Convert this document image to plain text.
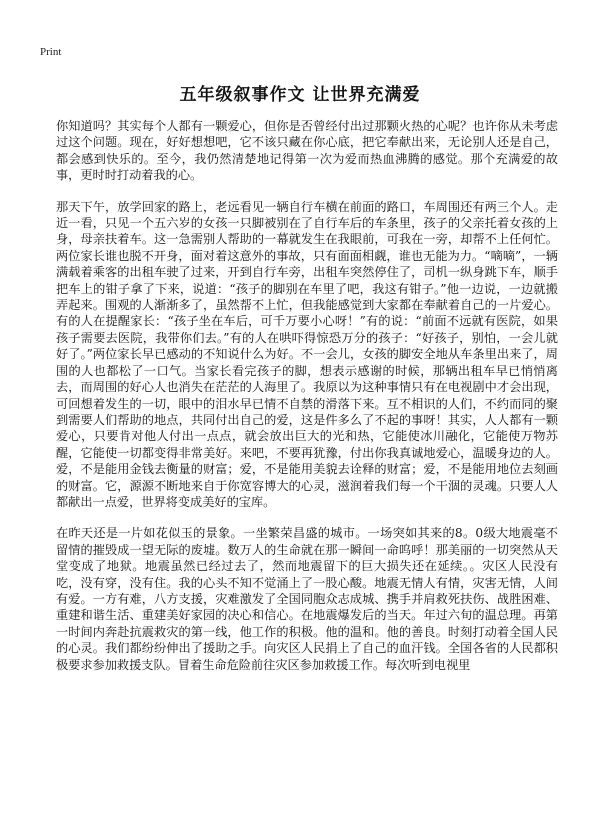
Print
五年级叙事作文 让世界充满爱

你知道吗？其实每个人都有一颗爱心，但你是否曾经付出过那颗火热的心呢？也许你从未考虑过这个问题。现在，好好想想吧，它不该只藏在你心底，把它奉献出来，无论别人还是自己，都会感到快乐的。至今，我仍然清楚地记得第一次为爱而热血沸腾的感觉。那个充满爱的故事，更时时打动着我的心。

那天下午，放学回家的路上，老远看见一辆自行车横在前面的路口，车周围还有两三个人。走近一看，只见一个五六岁的女孩一只脚被别在了自行车后的车条里，孩子的父亲托着女孩的上身，母亲扶着车。这一急需别人帮助的一幕就发生在我眼前，可我在一旁，却帮不上任何忙。两位家长谁也脱不开身，面对着这意外的事故，只有面面相觑，谁也无能为力。“嘀嘀”，一辆满载着乘客的出租车驶了过来，开到自行车旁，出租车突然停住了，司机一纵身跳下车，顺手把车上的钳子拿了下来，说道：“孩子的脚别在车里了吧，我这有钳子。”他一边说，一边就搬弄起来。围观的人渐渐多了，虽然帮不上忙，但我能感觉到大家都在奉献着自己的一片爱心。有的人在提醒家长：“孩子坐在车后，可千万要小心呀！”有的说：“前面不远就有医院，如果孩子需要去医院，我带你们去。”有的人在哄吓得惊恐万分的孩子：“好孩子，别怕，一会儿就好了。”两位家长早已感动的不知说什么为好。不一会儿，女孩的脚安全地从车条里出来了，周围的人也都松了一口气。当家长看完孩子的脚，想表示感谢的时候，那辆出租车早已悄悄离去，而周围的好心人也消失在茫茫的人海里了。我原以为这种事情只有在电视剧中才会出现，可回想着发生的一切，眼中的泪水早已情不自禁的滑落下来。互不相识的人们，不约而同的聚到需要人们帮助的地点，共同付出自己的爱，这是件多么了不起的事呀！其实，人人都有一颗爱心，只要肯对他人付出一点点，就会放出巨大的光和热，它能使冰川融化，它能使万物苏醒，它能使一切都变得非常美好。来吧，不要再犹豫，付出你我真诚地爱心，温暖身边的人。爱，不是能用金钱去衡量的财富；爱，不是能用美貌去诠释的财富；爱，不是能用地位去刻画的财富。它，源源不断地来自于你宽容博大的心灵，滋润着我们每一个干涸的灵魂。只要人人都献出一点爱，世界将变成美好的宝库。

在昨天还是一片如花似玉的景象。一坐繁荣昌盛的城市。一场突如其来的8。0级大地震毫不留情的摧毁成一望无际的废墟。数万人的生命就在那一瞬间一命呜呼！那美丽的一切突然从天堂变成了地狱。地震虽然已经过去了，然而地震留下的巨大损失还在延续。。灾区人民没有吃，没有穿，没有住。我的心头不知不觉涌上了一股心酸。地震无情人有情，灾害无情，人间有爱。一方有难，八方支援，灾难激发了全国同胞众志成城、携手并肩救死扶伤、战胜困难、重建和谐生活、重建美好家园的决心和信心。在地震爆发后的当天。年过六旬的温总理。再第一时间内奔赴抗震救灾的第一线，他工作的积极。他的温和。他的善良。时刻打动着全国人民的心灵。我们都纷纷伸出了援助之手。向灾区人民捐上了自己的血汗钱。全国各省的人民都积极要求参加救援支队。冒着生命危险前往灾区参加救援工作。每次听到电视里
